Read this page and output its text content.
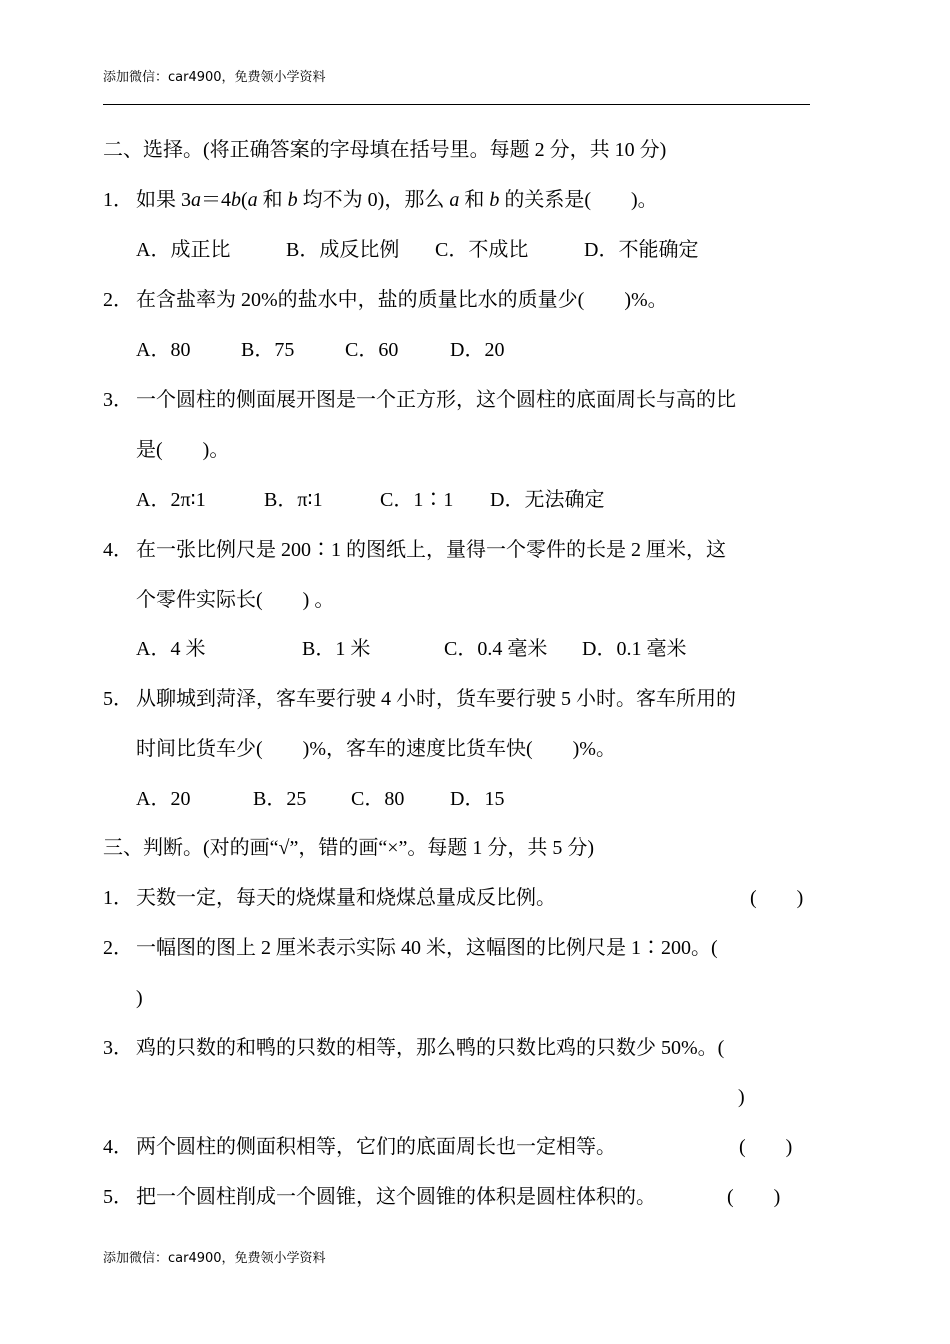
添加微信：car4900，免费领小学资料
二、选择。(将正确答案的字母填在括号里。每题 2 分，共 10 分)
1． 如果 3a＝4b(a 和 b 均不为 0)，那么 a 和 b 的关系是(　　)。
A．成正比	B．成反比例 C．不成比	D．不能确定
2． 在含盐率为 20%的盐水中，盐的质量比水的质量少(　　)%。
A．80	B．75	C．60	D．20
3． 一个圆柱的侧面展开图是一个正方形，这个圆柱的底面周长与高的比
是(　　)。
A．2π∶1	B．π∶1	C．1∶1 D．无法确定
4． 在一张比例尺是 200∶1 的图纸上，量得一个零件的长是 2 厘米，这
个零件实际长(　　) 。
A．4 米	B．1 米	C．0.4 毫米 D．0.1 毫米
5． 从聊城到菏泽，客车要行驶 4 小时，货车要行驶 5 小时。客车所用的
时间比货车少(　　)%，客车的速度比货车快(　　)%。
A．20	B．25 C．80 D．15
三、判断。(对的画“√”，错的画“×”。每题 1 分，共 5 分)
1． 天数一定，每天的烧煤量和烧煤总量成反比例。	(　　)
2． 一幅图的图上 2 厘米表示实际 40 米，这幅图的比例尺是 1∶200。(
)
3． 鸡的只数的和鸭的只数的相等，那么鸭的只数比鸡的只数少 50%。(
)
4． 两个圆柱的侧面积相等，它们的底面周长也一定相等。	(　　)
5． 把一个圆柱削成一个圆锥，这个圆锥的体积是圆柱体积的。	(　　)
添加微信：car4900，免费领小学资料
